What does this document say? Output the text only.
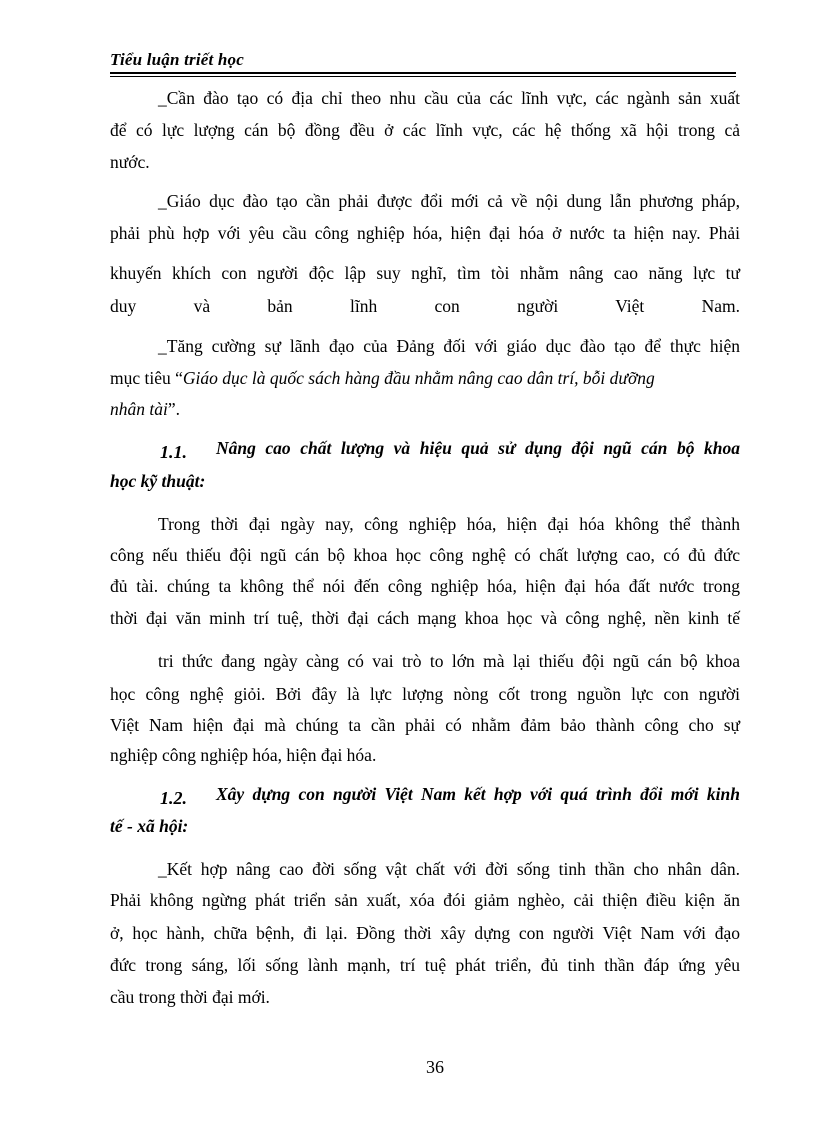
Tiểu luận triết học
_Cần đào tạo có địa chỉ theo nhu cầu của các lĩnh vực, các ngành sản xuất
để có lực lượng cán bộ đồng đều ở các lĩnh vực, các hệ thống xã hội trong cả
nước.
_Giáo dục đào tạo cần phải được đổi mới cả về nội dung lẫn phương pháp,
phải phù hợp với yêu cầu công nghiệp hóa, hiện đại hóa ở nước ta hiện nay. Phải
khuyến khích con người độc lập suy nghĩ, tìm tòi nhằm nâng cao năng lực tư
duy và bản lĩnh con người Việt Nam.
_Tăng cường sự lãnh đạo của Đảng đối với giáo dục đào tạo để thực hiện
mục tiêu “Giáo dục là quốc sách hàng đầu nhằm nâng cao dân trí, bỗi dưỡng
nhân tài”.
1.1. Nâng cao chất lượng và hiệu quả sử dụng đội ngũ cán bộ khoa
học kỹ thuật:
Trong thời đại ngày nay, công nghiệp hóa, hiện đại hóa không thể thành
công nếu thiếu đội ngũ cán bộ khoa học công nghệ có chất lượng cao, có đủ đức
đủ tài. chúng ta không thể nói đến công nghiệp hóa, hiện đại hóa đất nước trong
thời đại văn minh trí tuệ, thời đại cách mạng khoa học và công nghệ, nền kinh tế
tri thức đang ngày càng có vai trò to lớn mà lại thiếu đội ngũ cán bộ khoa
học công nghệ giỏi. Bởi đây là lực lượng nòng cốt trong nguồn lực con người
Việt Nam hiện đại mà chúng ta cần phải có nhằm đảm bảo thành công cho sự
nghiệp công nghiệp hóa, hiện đại hóa.
1.2. Xây dựng con người Việt Nam kết hợp với quá trình đổi mới kinh
tế - xã hội:
_Kết hợp nâng cao đời sống vật chất với đời sống tinh thần cho nhân dân.
Phải không ngừng phát triển sản xuất, xóa đói giảm nghèo, cải thiện điều kiện ăn
ở, học hành, chữa bệnh, đi lại. Đồng thời xây dựng con người Việt Nam với đạo
đức trong sáng, lối sống lành mạnh, trí tuệ phát triển, đủ tinh thần đáp ứng yêu
cầu trong thời đại mới.
36
